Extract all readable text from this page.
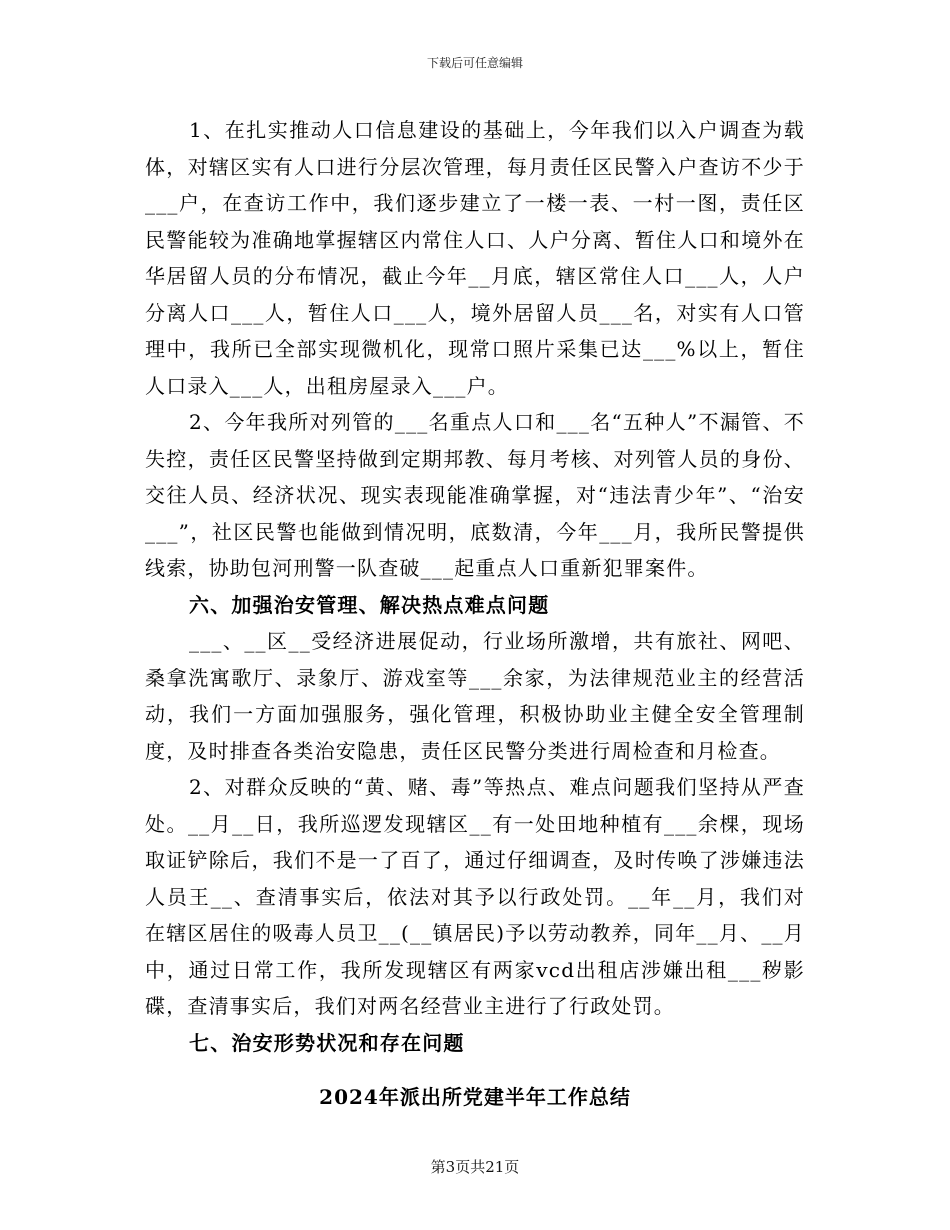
下载后可任意编辑

1、在扎实推动人口信息建设的基础上，今年我们以入户调查为载体，对辖区实有人口进行分层次管理，每月责任区民警入户查访不少于___户，在查访工作中，我们逐步建立了一楼一表、一村一图，责任区民警能较为准确地掌握辖区内常住人口、人户分离、暂住人口和境外在华居留人员的分布情况，截止今年__月底，辖区常住人口___人，人户分离人口___人，暂住人口___人，境外居留人员___名，对实有人口管理中，我所已全部实现微机化，现常口照片采集已达___%以上，暂住人口录入___人，出租房屋录入___户。

2、今年我所对列管的___名重点人口和___名“五种人”不漏管、不失控，责任区民警坚持做到定期邦教、每月考核、对列管人员的身份、交往人员、经济状况、现实表现能准确掌握，对“违法青少年”、“治安___”，社区民警也能做到情况明，底数清，今年___月，我所民警提供线索，协助包河刑警一队查破___起重点人口重新犯罪案件。

六、加强治安管理、解决热点难点问题

___、__区__受经济进展促动，行业场所激增，共有旅社、网吧、桑拿洗寓歌厅、录象厅、游戏室等___余家，为法律规范业主的经营活动，我们一方面加强服务，强化管理，积极协助业主健全安全管理制度，及时排查各类治安隐患，责任区民警分类进行周检查和月检查。

2、对群众反映的“黄、赌、毒”等热点、难点问题我们坚持从严查处。__月__日，我所巡逻发现辖区__有一处田地种植有___余棵，现场取证铲除后，我们不是一了百了，通过仔细调查，及时传唤了涉嫌违法人员王__、查清事实后，依法对其予以行政处罚。__年__月，我们对在辖区居住的吸毒人员卫__(__镇居民)予以劳动教养，同年__月、__月中，通过日常工作，我所发现辖区有两家vcd出租店涉嫌出租___秽影碟，查清事实后，我们对两名经营业主进行了行政处罚。

七、治安形势状况和存在问题

2024年派出所党建半年工作总结

第3页共21页
